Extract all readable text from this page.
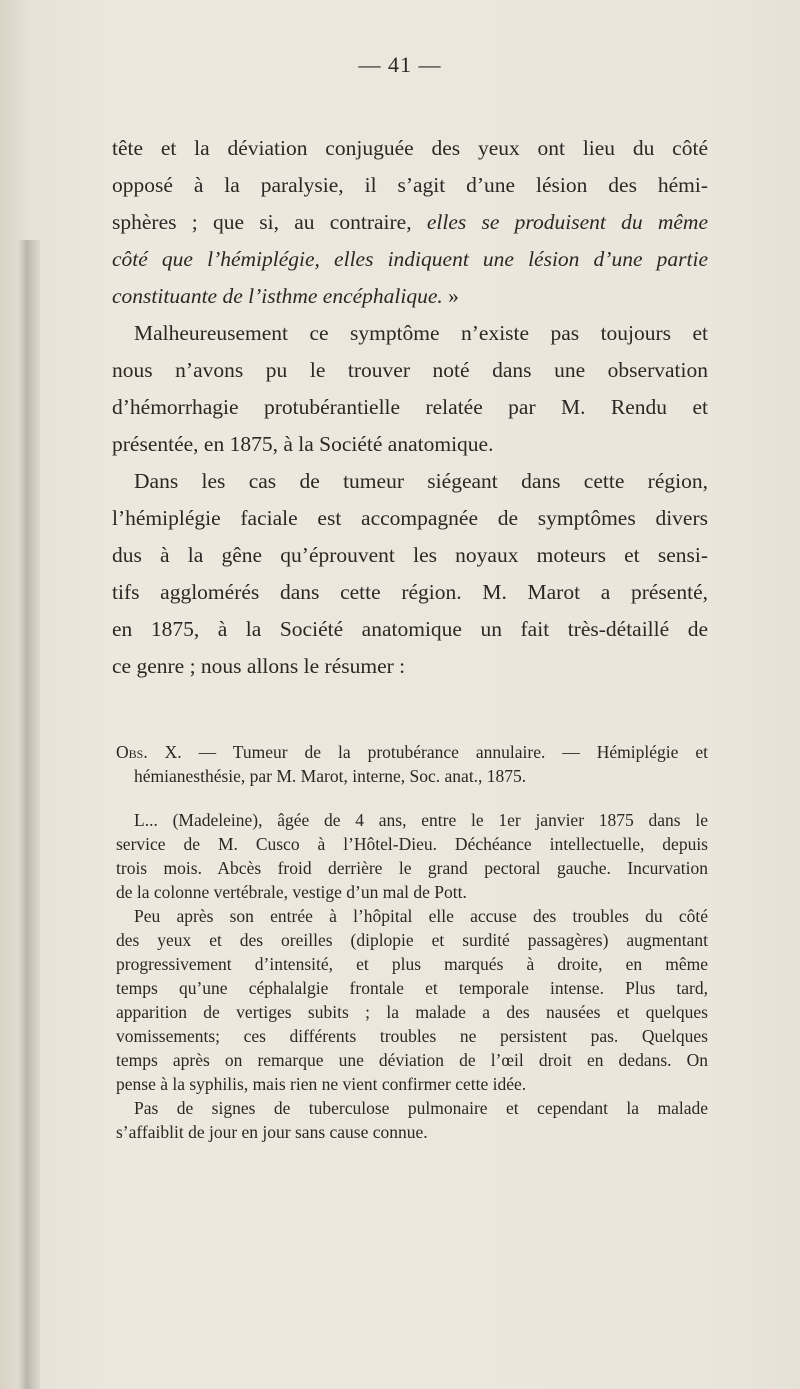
— 41 —

tête et la déviation conjuguée des yeux ont lieu du côté
opposé à la paralysie, il s’agit d’une lésion des hémi-
sphères ; que si, au contraire, elles se produisent du même
côté que l’hémiplégie, elles indiquent une lésion d’une partie
constituante de l’isthme encéphalique. »
Malheureusement ce symptôme n’existe pas toujours et
nous n’avons pu le trouver noté dans une observation
d’hémorrhagie protubérantielle relatée par M. Rendu et
présentée, en 1875, à la Société anatomique.
Dans les cas de tumeur siégeant dans cette région,
l’hémiplégie faciale est accompagnée de symptômes divers
dus à la gêne qu’éprouvent les noyaux moteurs et sensi-
tifs agglomérés dans cette région. M. Marot a présenté,
en 1875, à la Société anatomique un fait très-détaillé de
ce genre ; nous allons le résumer :
Obs. X. — Tumeur de la protubérance annulaire. — Hémiplégie et
hémianesthésie, par M. Marot, interne, Soc. anat., 1875.
L... (Madeleine), âgée de 4 ans, entre le 1er janvier 1875 dans le
service de M. Cusco à l’Hôtel-Dieu. Déchéance intellectuelle, depuis
trois mois. Abcès froid derrière le grand pectoral gauche. Incurvation
de la colonne vertébrale, vestige d’un mal de Pott.
Peu après son entrée à l’hôpital elle accuse des troubles du côté
des yeux et des oreilles (diplopie et surdité passagères) augmentant
progressivement d’intensité, et plus marqués à droite, en même
temps qu’une céphalalgie frontale et temporale intense. Plus tard,
apparition de vertiges subits ; la malade a des nausées et quelques
vomissements; ces différents troubles ne persistent pas. Quelques
temps après on remarque une déviation de l’œil droit en dedans. On
pense à la syphilis, mais rien ne vient confirmer cette idée.
Pas de signes de tuberculose pulmonaire et cependant la malade
s’affaiblit de jour en jour sans cause connue.
